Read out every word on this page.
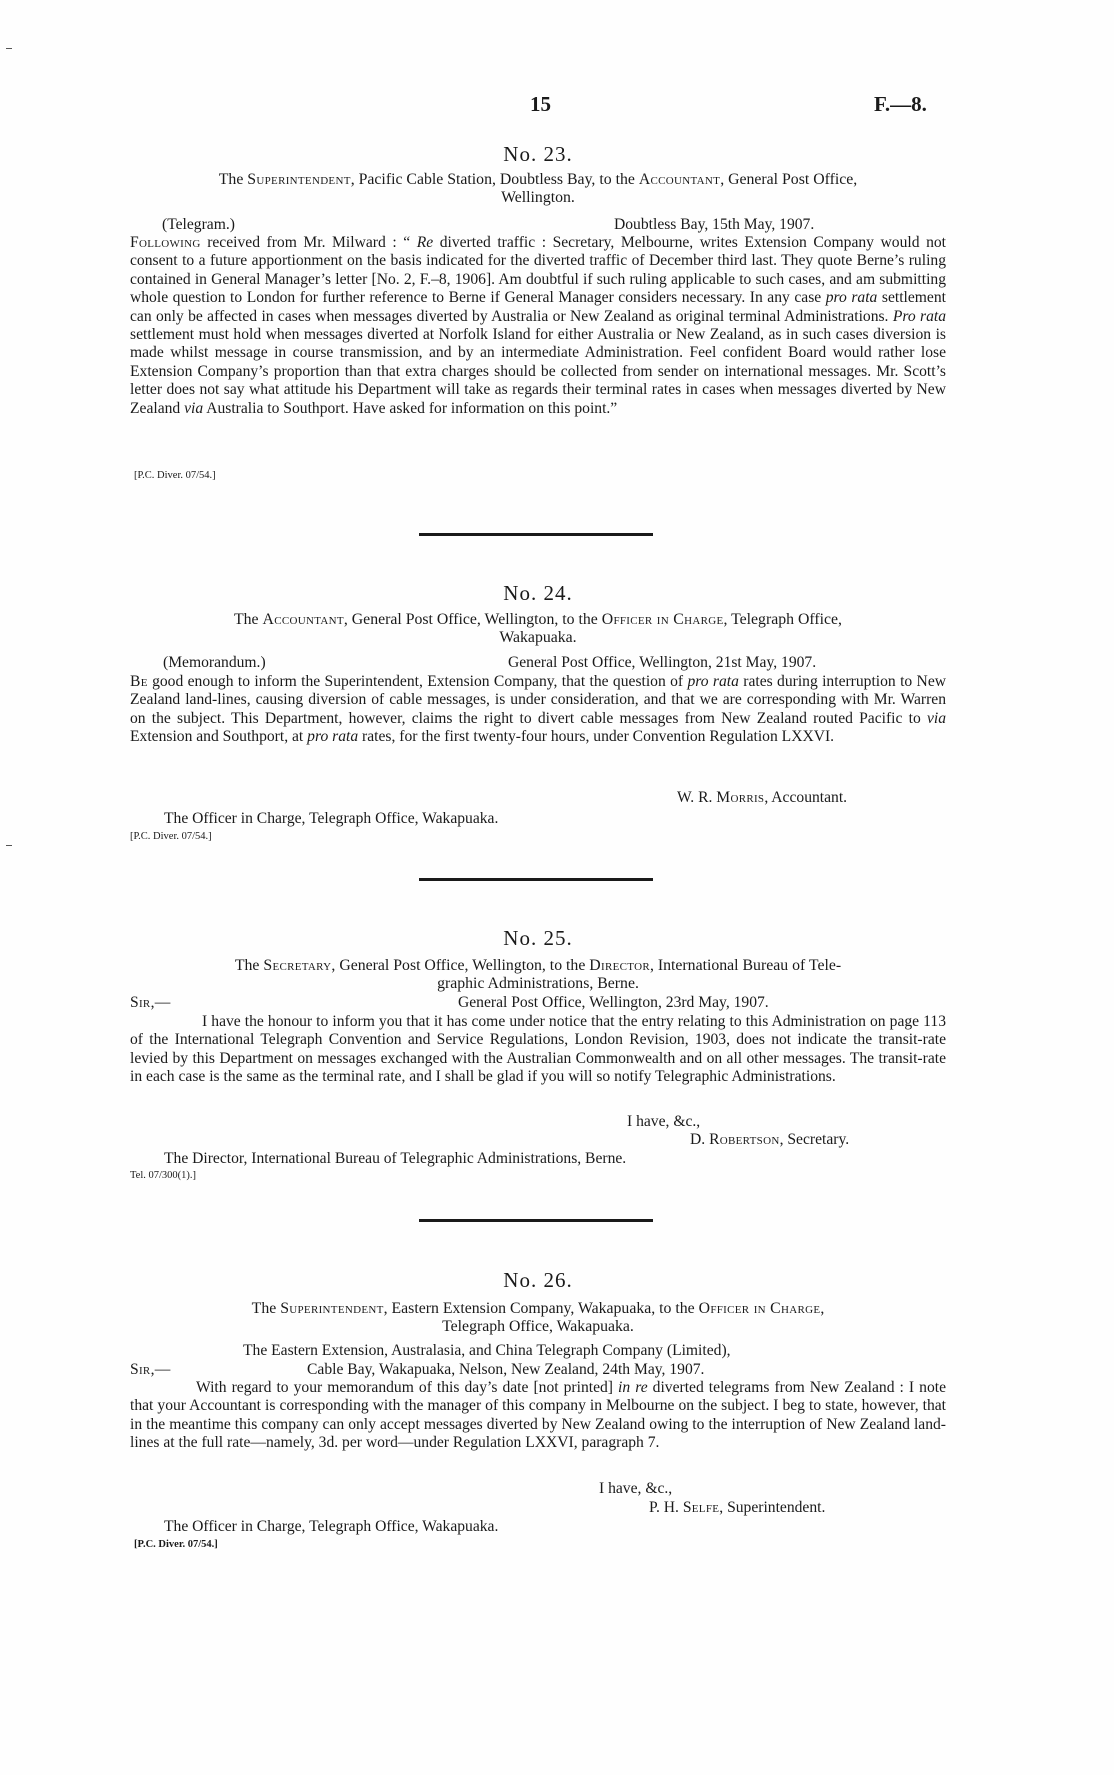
15	F.—8.
No. 23.
The Superintendent, Pacific Cable Station, Doubtless Bay, to the Accountant, General Post Office,
Wellington.
(Telegram.)	Doubtless Bay, 15th May, 1907.
Following received from Mr. Milward : “ Re diverted traffic : Secretary, Melbourne, writes Extension Company would not consent to a future apportionment on the basis indicated for the diverted traffic of December third last. They quote Berne’s ruling contained in General Manager’s letter [No. 2, F.–8, 1906]. Am doubtful if such ruling applicable to such cases, and am submitting whole question to London for further reference to Berne if General Manager considers necessary. In any case pro rata settlement can only be affected in cases when messages diverted by Australia or New Zealand as original terminal Administrations. Pro rata settlement must hold when messages diverted at Norfolk Island for either Australia or New Zealand, as in such cases diversion is made whilst message in course transmission, and by an intermediate Administration. Feel confident Board would rather lose Extension Company’s proportion than that extra charges should be collected from sender on international messages. Mr. Scott’s letter does not say what attitude his Department will take as regards their terminal rates in cases when messages diverted by New Zealand via Australia to Southport. Have asked for information on this point.”
[P.C. Diver. 07/54.]
No. 24.
The Accountant, General Post Office, Wellington, to the Officer in Charge, Telegraph Office,
Wakapuaka.
(Memorandum.)	General Post Office, Wellington, 21st May, 1907.
Be good enough to inform the Superintendent, Extension Company, that the question of pro rata rates during interruption to New Zealand land-lines, causing diversion of cable messages, is under consideration, and that we are corresponding with Mr. Warren on the subject. This Department, however, claims the right to divert cable messages from New Zealand routed Pacific to via Extension and Southport, at pro rata rates, for the first twenty-four hours, under Convention Regulation LXXVI.
W. R. Morris, Accountant.
The Officer in Charge, Telegraph Office, Wakapuaka.
[P.C. Diver. 07/54.]
No. 25.
The Secretary, General Post Office, Wellington, to the Director, International Bureau of Tele-
graphic Administrations, Berne.
Sir,—	General Post Office, Wellington, 23rd May, 1907.
I have the honour to inform you that it has come under notice that the entry relating to this Administration on page 113 of the International Telegraph Convention and Service Regulations, London Revision, 1903, does not indicate the transit-rate levied by this Department on messages exchanged with the Australian Commonwealth and on all other messages. The transit-rate in each case is the same as the terminal rate, and I shall be glad if you will so notify Telegraphic Administrations.
I have, &c.,
D. Robertson, Secretary.
The Director, International Bureau of Telegraphic Administrations, Berne.
Tel. 07/300(1).]
No. 26.
The Superintendent, Eastern Extension Company, Wakapuaka, to the Officer in Charge,
Telegraph Office, Wakapuaka.
The Eastern Extension, Australasia, and China Telegraph Company (Limited),
Sir,—	Cable Bay, Wakapuaka, Nelson, New Zealand, 24th May, 1907.
With regard to your memorandum of this day’s date [not printed] in re diverted telegrams from New Zealand : I note that your Accountant is corresponding with the manager of this company in Melbourne on the subject. I beg to state, however, that in the meantime this company can only accept messages diverted by New Zealand owing to the interruption of New Zealand land-lines at the full rate—namely, 3d. per word—under Regulation LXXVI, paragraph 7.
I have, &c.,
P. H. Selfe, Superintendent.
The Officer in Charge, Telegraph Office, Wakapuaka.
[P.C. Diver. 07/54.]
